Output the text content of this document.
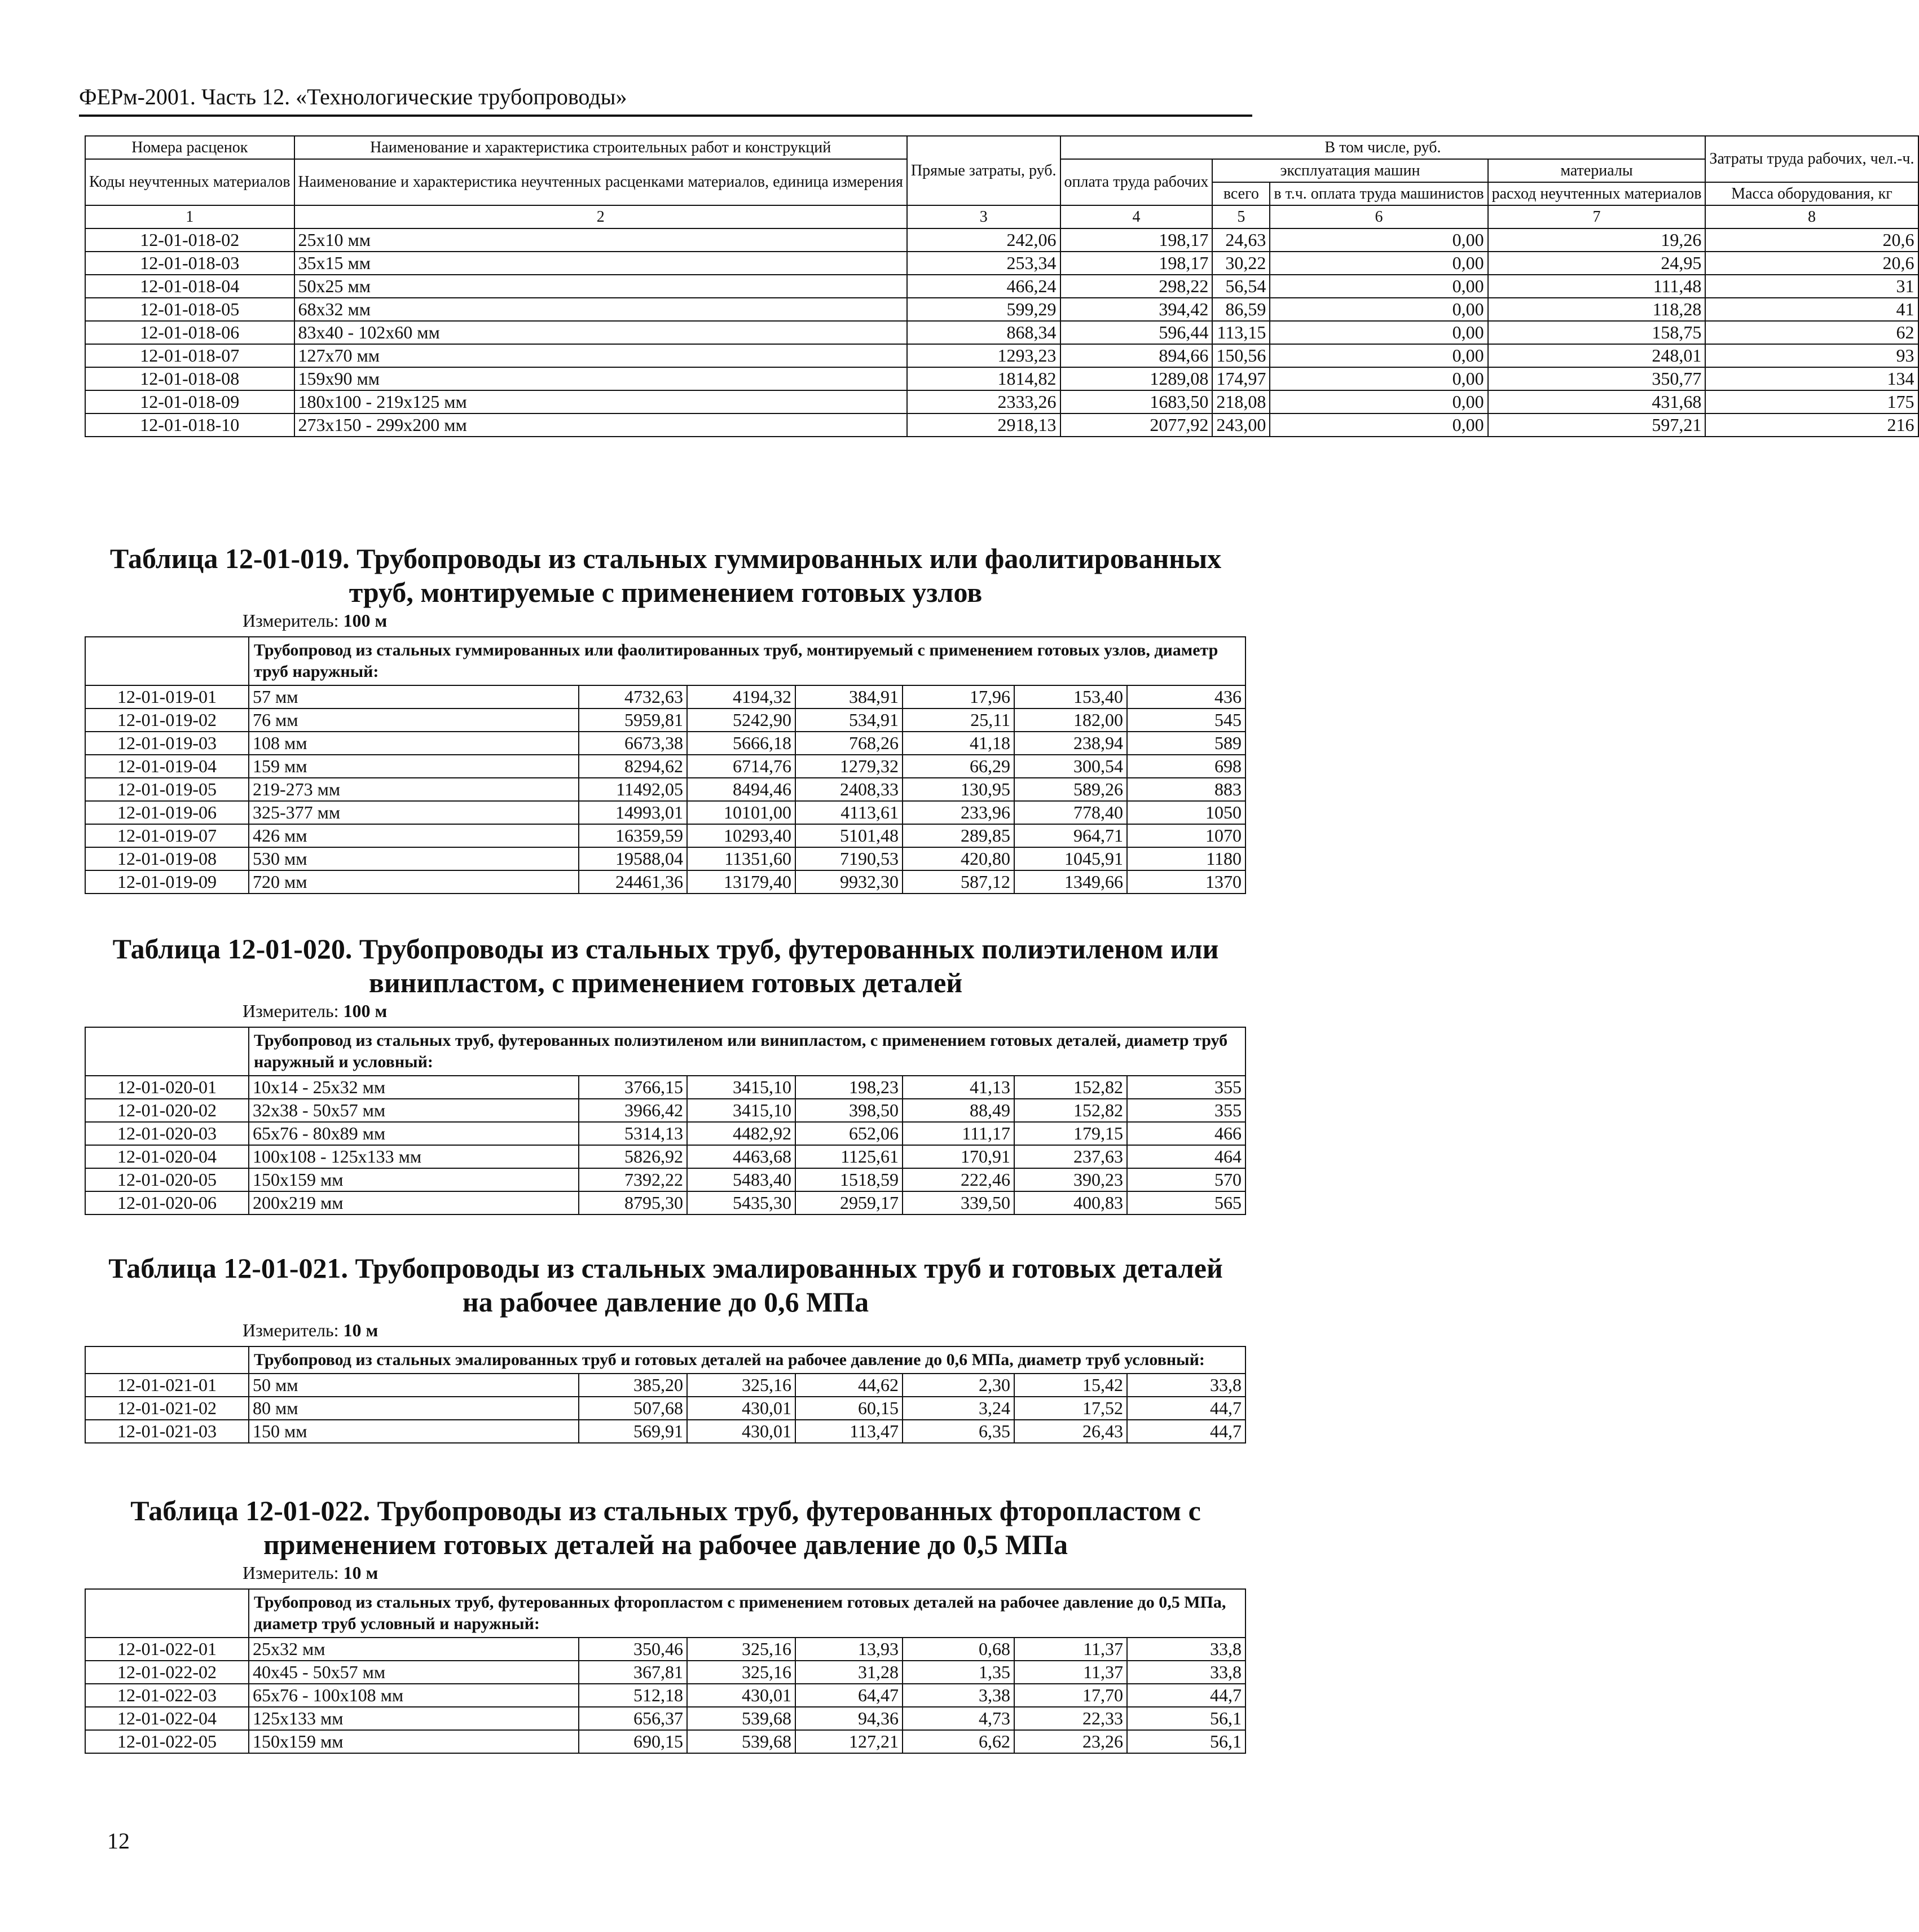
ФЕРм-2001. Часть 12. «Технологические трубопроводы»
Номера расценок	Наименование и характеристика строительных работ и конструкций	Прямые затраты, руб.	В том числе, руб.				Затраты труда рабочих, чел.-ч.
Коды неучтенных материалов	Наименование и характеристика неучтенных расценками материалов, единица измерения		оплата труда рабочих	эксплуатация машин		материалы	
				всего	в т.ч. оплата труда машинистов	расход неучтенных материалов	Масса оборудования, кг
1	2	3	4	5	6	7	8
12-01-018-02	25x10 мм	242,06	198,17	24,63	0,00	19,26	20,6
12-01-018-03	35x15 мм	253,34	198,17	30,22	0,00	24,95	20,6
12-01-018-04	50x25 мм	466,24	298,22	56,54	0,00	111,48	31
12-01-018-05	68x32 мм	599,29	394,42	86,59	0,00	118,28	41
12-01-018-06	83x40 - 102x60 мм	868,34	596,44	113,15	0,00	158,75	62
12-01-018-07	127x70 мм	1293,23	894,66	150,56	0,00	248,01	93
12-01-018-08	159x90 мм	1814,82	1289,08	174,97	0,00	350,77	134
12-01-018-09	180x100 - 219x125 мм	2333,26	1683,50	218,08	0,00	431,68	175
12-01-018-10	273x150 - 299x200 мм	2918,13	2077,92	243,00	0,00	597,21	216
Таблица 12-01-019. Трубопроводы из стальных гуммированных или фаолитированных труб, монтируемые с применением готовых узлов
Измеритель: 100 м
	Трубопровод из стальных гуммированных или фаолитированных труб, монтируемый с применением готовых узлов, диаметр труб наружный:						
12-01-019-01	57 мм	4732,63	4194,32	384,91	17,96	153,40	436
12-01-019-02	76 мм	5959,81	5242,90	534,91	25,11	182,00	545
12-01-019-03	108 мм	6673,38	5666,18	768,26	41,18	238,94	589
12-01-019-04	159 мм	8294,62	6714,76	1279,32	66,29	300,54	698
12-01-019-05	219-273 мм	11492,05	8494,46	2408,33	130,95	589,26	883
12-01-019-06	325-377 мм	14993,01	10101,00	4113,61	233,96	778,40	1050
12-01-019-07	426 мм	16359,59	10293,40	5101,48	289,85	964,71	1070
12-01-019-08	530 мм	19588,04	11351,60	7190,53	420,80	1045,91	1180
12-01-019-09	720 мм	24461,36	13179,40	9932,30	587,12	1349,66	1370
Таблица 12-01-020. Трубопроводы из стальных труб, футерованных полиэтиленом или винипластом, с применением готовых деталей
Измеритель: 100 м
	Трубопровод из стальных труб, футерованных полиэтиленом или винипластом, с применением готовых деталей, диаметр труб наружный и условный:						
12-01-020-01	10x14 - 25x32 мм	3766,15	3415,10	198,23	41,13	152,82	355
12-01-020-02	32x38 - 50x57 мм	3966,42	3415,10	398,50	88,49	152,82	355
12-01-020-03	65x76 - 80x89 мм	5314,13	4482,92	652,06	111,17	179,15	466
12-01-020-04	100x108 - 125x133 мм	5826,92	4463,68	1125,61	170,91	237,63	464
12-01-020-05	150x159 мм	7392,22	5483,40	1518,59	222,46	390,23	570
12-01-020-06	200x219 мм	8795,30	5435,30	2959,17	339,50	400,83	565
Таблица 12-01-021. Трубопроводы из стальных эмалированных труб и готовых деталей на рабочее давление до 0,6 МПа
Измеритель: 10 м
	Трубопровод из стальных эмалированных труб и готовых деталей на рабочее давление до 0,6 МПа, диаметр труб условный:						
12-01-021-01	50 мм	385,20	325,16	44,62	2,30	15,42	33,8
12-01-021-02	80 мм	507,68	430,01	60,15	3,24	17,52	44,7
12-01-021-03	150 мм	569,91	430,01	113,47	6,35	26,43	44,7
Таблица 12-01-022. Трубопроводы из стальных труб, футерованных фторопластом с применением готовых деталей на рабочее давление до 0,5 МПа
Измеритель: 10 м
	Трубопровод из стальных труб, футерованных фторопластом с применением готовых деталей на рабочее давление до 0,5 МПа, диаметр труб условный и наружный:						
12-01-022-01	25x32 мм	350,46	325,16	13,93	0,68	11,37	33,8
12-01-022-02	40x45 - 50x57 мм	367,81	325,16	31,28	1,35	11,37	33,8
12-01-022-03	65x76 - 100x108 мм	512,18	430,01	64,47	3,38	17,70	44,7
12-01-022-04	125x133 мм	656,37	539,68	94,36	4,73	22,33	56,1
12-01-022-05	150x159 мм	690,15	539,68	127,21	6,62	23,26	56,1
12
